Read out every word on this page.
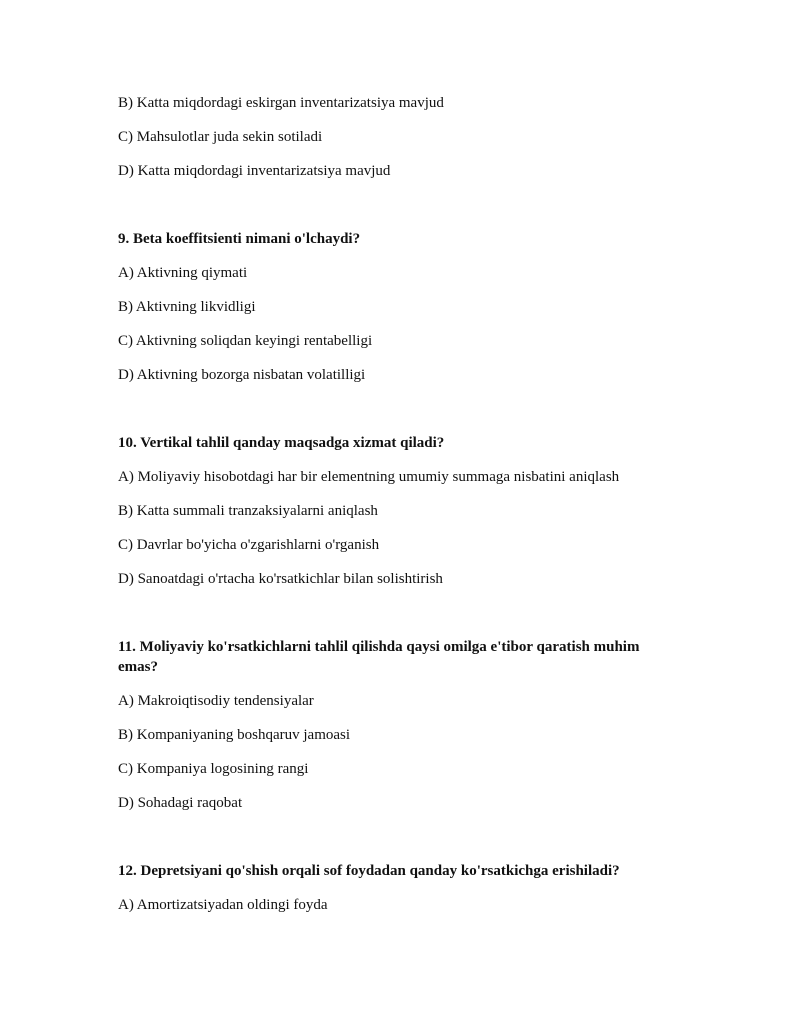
B) Katta miqdordagi eskirgan inventarizatsiya mavjud

C) Mahsulotlar juda sekin sotiladi

D) Katta miqdordagi inventarizatsiya mavjud

9. Beta koeffitsienti nimani o'lchaydi?

A) Aktivning qiymati

B) Aktivning likvidligi

C) Aktivning soliqdan keyingi rentabelligi

D) Aktivning bozorga nisbatan volatilligi

10. Vertikal tahlil qanday maqsadga xizmat qiladi?

A) Moliyaviy hisobotdagi har bir elementning umumiy summaga nisbatini aniqlash

B) Katta summali tranzaksiyalarni aniqlash

C) Davrlar bo'yicha o'zgarishlarni o'rganish

D) Sanoatdagi o'rtacha ko'rsatkichlar bilan solishtirish

11. Moliyaviy ko'rsatkichlarni tahlil qilishda qaysi omilga e'tibor qaratish muhim emas?

A) Makroiqtisodiy tendensiyalar

B) Kompaniyaning boshqaruv jamoasi

C) Kompaniya logosining rangi

D) Sohadagi raqobat

12. Depretsiyani qo'shish orqali sof foydadan qanday ko'rsatkichga erishiladi?

A) Amortizatsiyadan oldingi foyda
